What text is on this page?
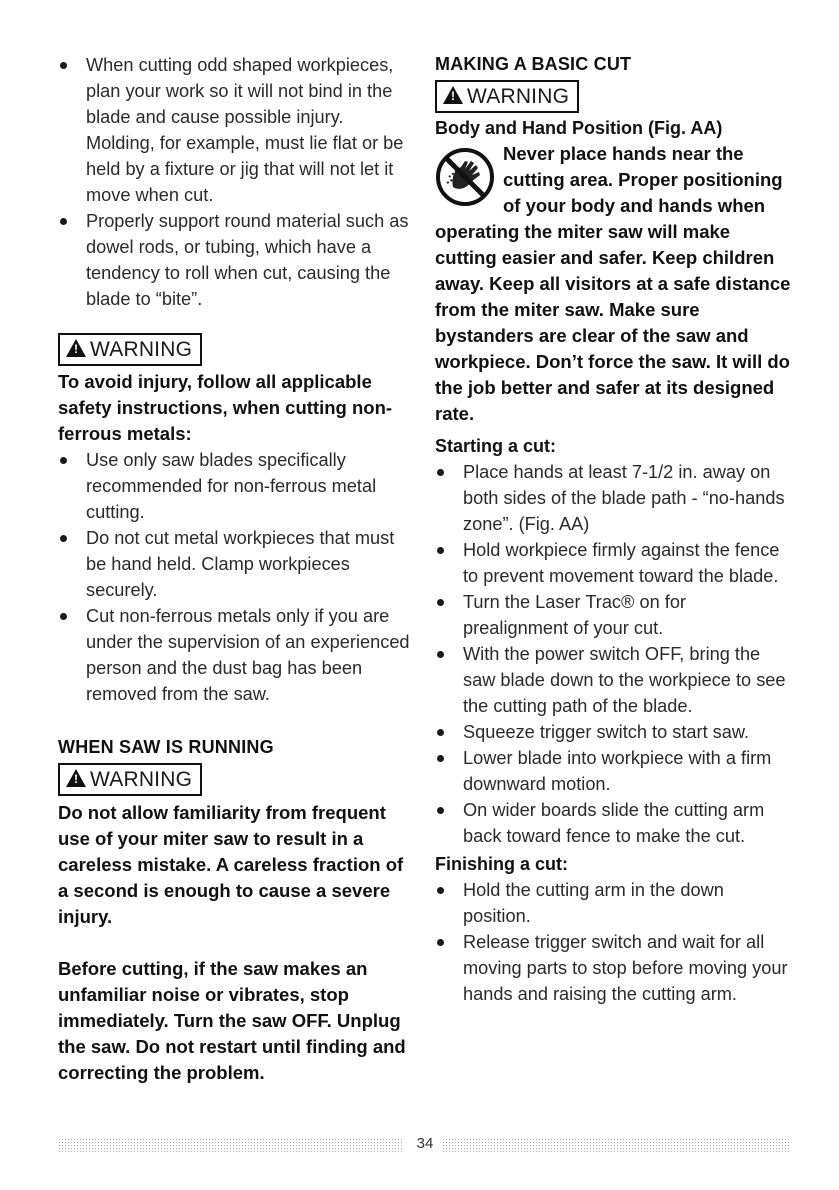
When cutting odd shaped workpieces, plan your work so it will not bind in the blade and cause possible injury. Molding, for example, must lie flat or be held by a fixture or jig that will not let it move when cut.
Properly support round material such as dowel rods, or tubing, which have a tendency to roll when cut, causing the blade to “bite”.
!WARNING

To avoid injury, follow all applicable safety instructions, when cutting non-ferrous metals:

Use only saw blades specifically recommended for non-ferrous metal cutting.
Do not cut metal workpieces that must be hand held. Clamp workpieces securely.
Cut non-ferrous metals only if you are under the supervision of an experienced person and the dust bag has been removed from the saw.

WHEN SAW IS RUNNING

!WARNING

Do not allow familiarity from frequent use of your miter saw to result in a careless mistake. A careless fraction of a second is enough to cause a severe injury.

Before cutting, if the saw makes an unfamiliar noise or vibrates, stop immediately. Turn the saw OFF. Unplug the saw. Do not restart until finding and correcting the problem.

MAKING A BASIC CUT

!WARNING

Body and Hand Position (Fig. AA)

Never place hands near the cutting area. Proper positioning of your body and hands when operating the miter saw will make cutting easier and safer. Keep children away. Keep all visitors at a safe distance from the miter saw. Make sure bystanders are clear of the saw and workpiece. Don’t force the saw. It will do the job better and safer at its designed rate.

Starting a cut:

Place hands at least 7-1/2 in. away on both sides of the blade path - “no-hands zone”. (Fig. AA)
Hold workpiece firmly against the fence to prevent movement toward the blade.
Turn the Laser Trac® on for prealignment of your cut.
With the power switch OFF, bring the saw blade down to the workpiece to see the cutting path of the blade.
Squeeze trigger switch to start saw.
Lower blade into workpiece with a firm downward motion.
On wider boards slide the cutting arm back toward fence to make the cut.

Finishing a cut:

Hold the cutting arm in the down position.
Release trigger switch and wait for all moving parts to stop before moving your hands and raising the cutting arm.
34
